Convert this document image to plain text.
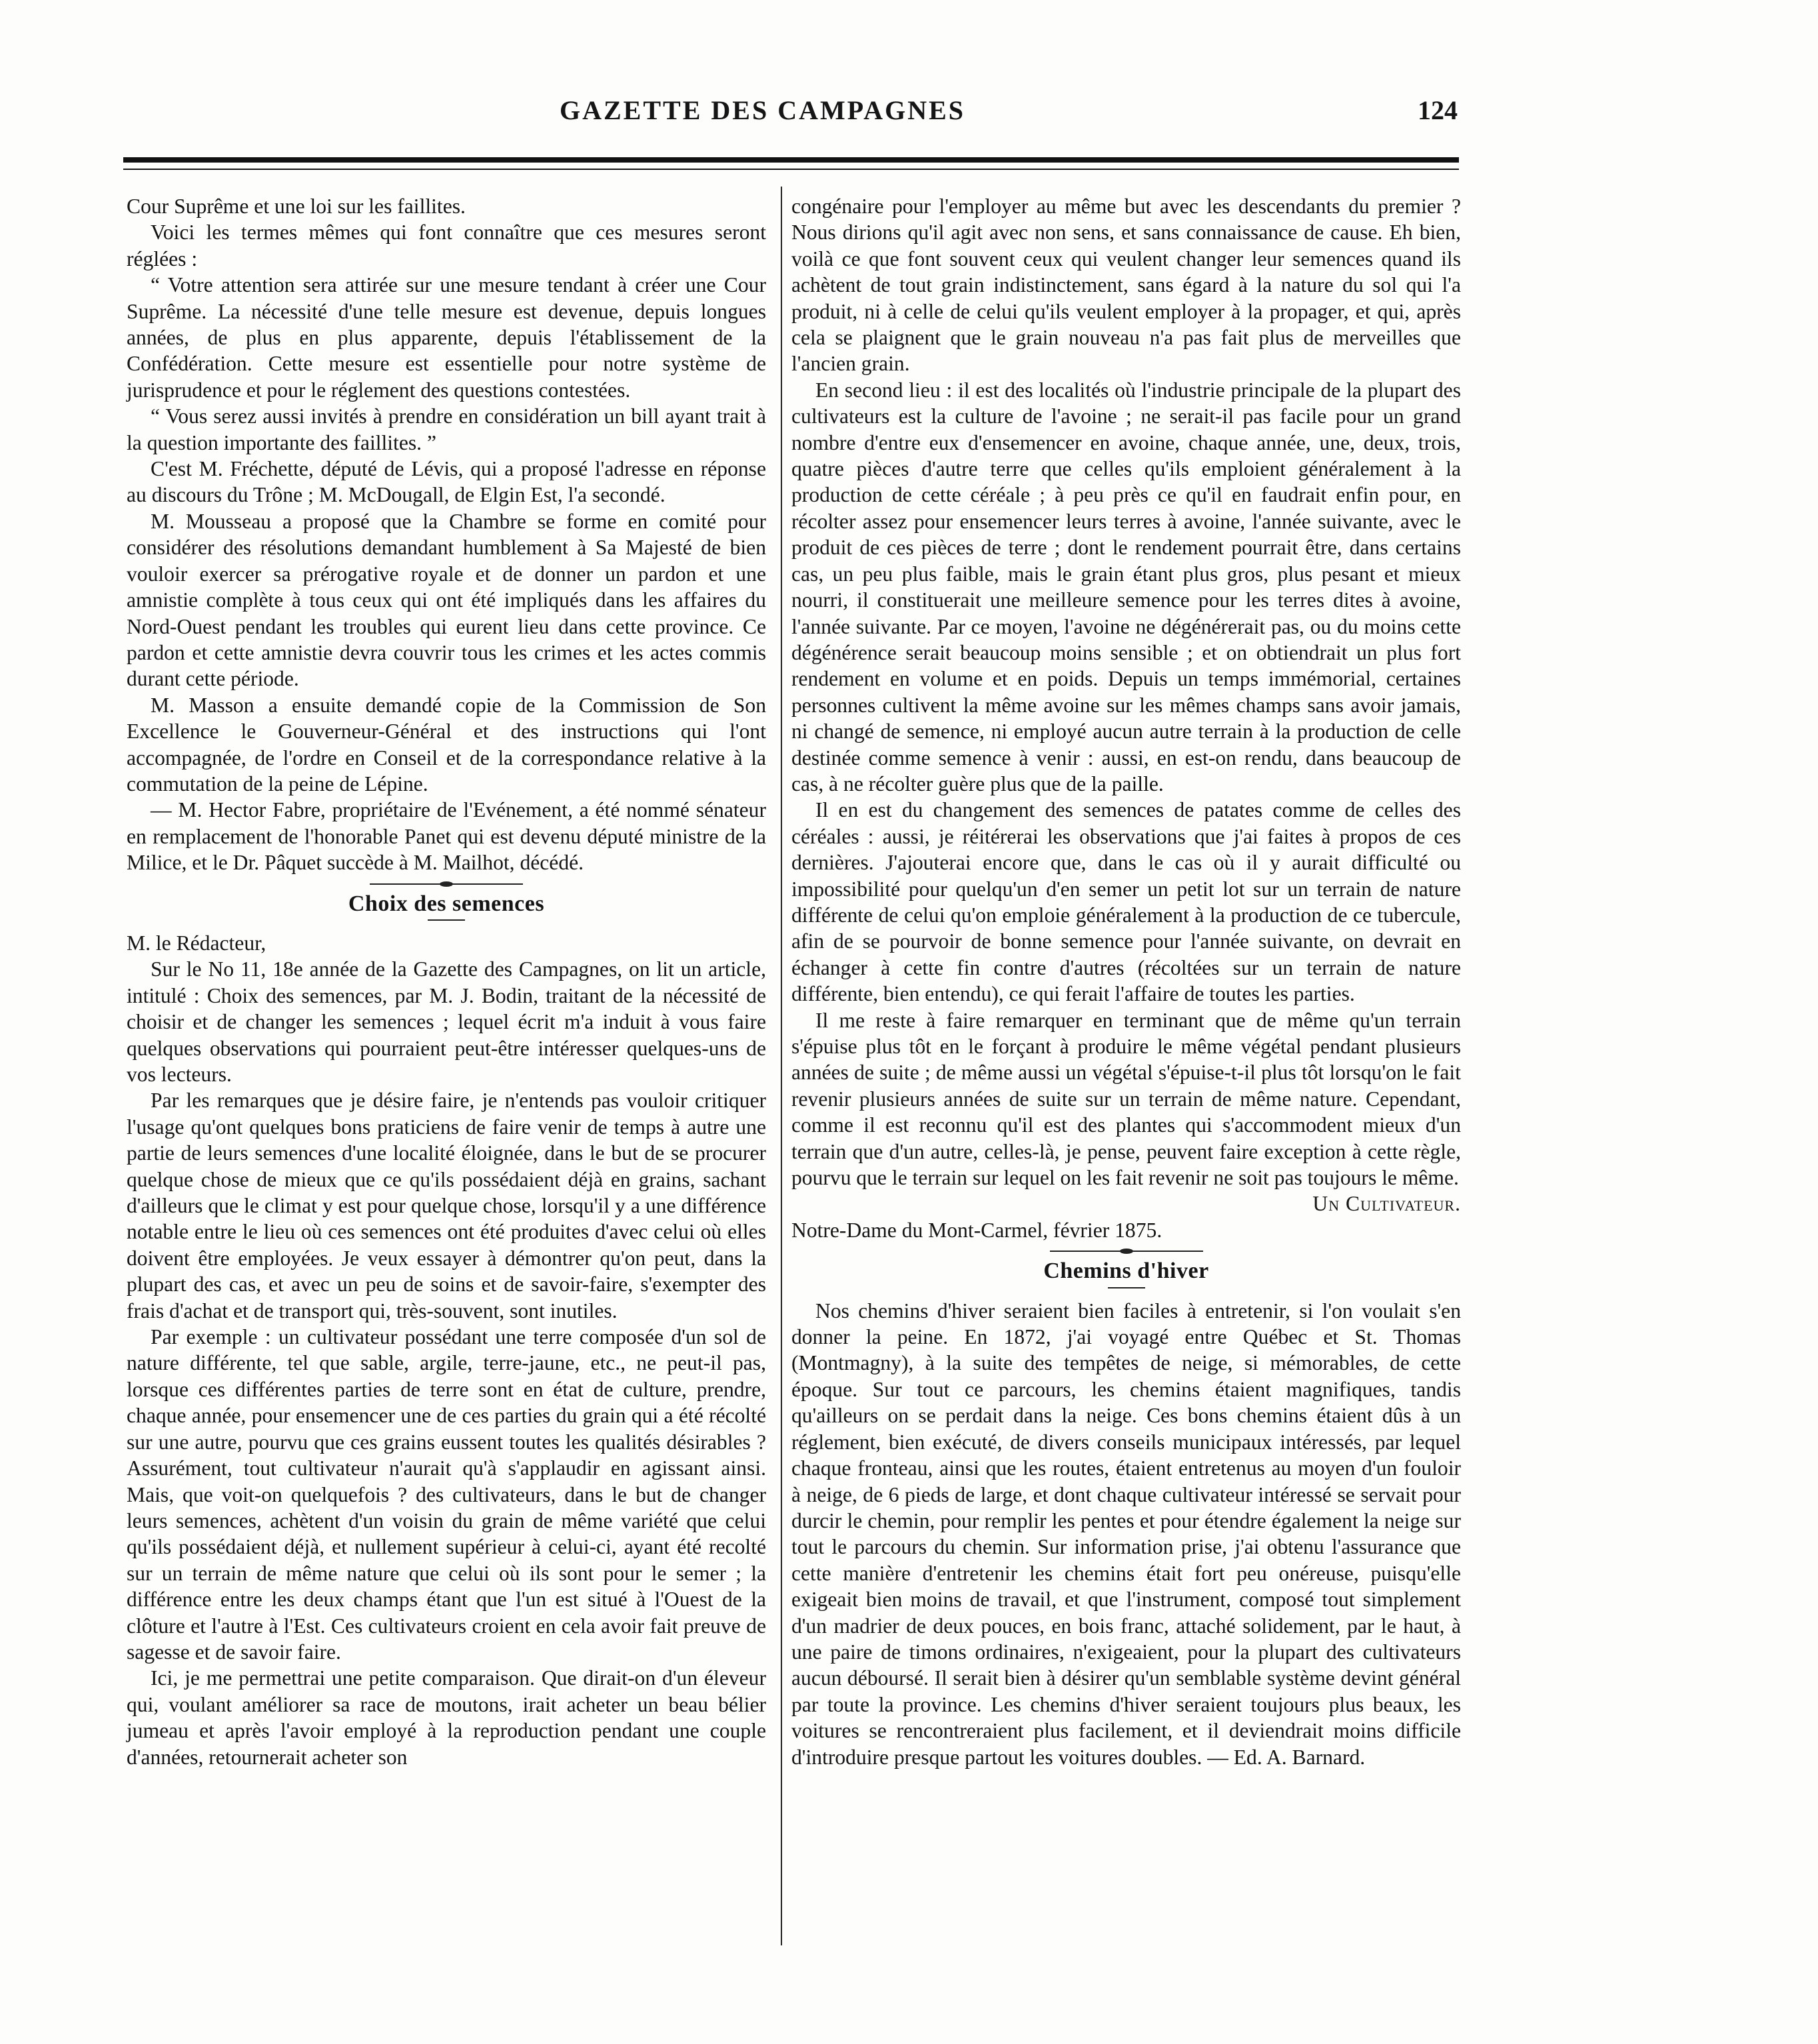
GAZETTE DES CAMPAGNES	124

Cour Suprême et une loi sur les faillites.

Voici les termes mêmes qui font connaître que ces mesures seront réglées :

“ Votre attention sera attirée sur une mesure tendant à créer une Cour Suprême. La nécessité d'une telle mesure est devenue, depuis longues années, de plus en plus apparente, depuis l'établissement de la Confédération. Cette mesure est essentielle pour notre système de jurisprudence et pour le réglement des questions contestées.

“ Vous serez aussi invités à prendre en considération un bill ayant trait à la question importante des faillites. ”

C'est M. Fréchette, député de Lévis, qui a proposé l'adresse en réponse au discours du Trône ; M. McDougall, de Elgin Est, l'a secondé.

M. Mousseau a proposé que la Chambre se forme en comité pour considérer des résolutions demandant humblement à Sa Majesté de bien vouloir exercer sa prérogative royale et de donner un pardon et une amnistie complète à tous ceux qui ont été impliqués dans les affaires du Nord-Ouest pendant les troubles qui eurent lieu dans cette province. Ce pardon et cette amnistie devra couvrir tous les crimes et les actes commis durant cette période.

M. Masson a ensuite demandé copie de la Commission de Son Excellence le Gouverneur-Général et des instructions qui l'ont accompagnée, de l'ordre en Conseil et de la correspondance relative à la commutation de la peine de Lépine.

— M. Hector Fabre, propriétaire de l'Evénement, a été nommé sénateur en remplacement de l'honorable Panet qui est devenu député ministre de la Milice, et le Dr. Pâquet succède à M. Mailhot, décédé.

Choix des semences

M. le Rédacteur,

Sur le No 11, 18e année de la Gazette des Campagnes, on lit un article, intitulé : Choix des semences, par M. J. Bodin, traitant de la nécessité de choisir et de changer les semences ; lequel écrit m'a induit à vous faire quelques observations qui pourraient peut-être intéresser quelques-uns de vos lecteurs.

Par les remarques que je désire faire, je n'entends pas vouloir critiquer l'usage qu'ont quelques bons praticiens de faire venir de temps à autre une partie de leurs semences d'une localité éloignée, dans le but de se procurer quelque chose de mieux que ce qu'ils possédaient déjà en grains, sachant d'ailleurs que le climat y est pour quelque chose, lorsqu'il y a une différence notable entre le lieu où ces semences ont été produites d'avec celui où elles doivent être employées. Je veux essayer à démontrer qu'on peut, dans la plupart des cas, et avec un peu de soins et de savoir-faire, s'exempter des frais d'achat et de transport qui, très-souvent, sont inutiles.

Par exemple : un cultivateur possédant une terre composée d'un sol de nature différente, tel que sable, argile, terre-jaune, etc., ne peut-il pas, lorsque ces différentes parties de terre sont en état de culture, prendre, chaque année, pour ensemencer une de ces parties du grain qui a été récolté sur une autre, pourvu que ces grains eussent toutes les qualités désirables ? Assurément, tout cultivateur n'aurait qu'à s'applaudir en agissant ainsi. Mais, que voit-on quelquefois ? des cultivateurs, dans le but de changer leurs semences, achètent d'un voisin du grain de même variété que celui qu'ils possédaient déjà, et nullement supérieur à celui-ci, ayant été recolté sur un terrain de même nature que celui où ils sont pour le semer ; la différence entre les deux champs étant que l'un est situé à l'Ouest de la clôture et l'autre à l'Est. Ces cultivateurs croient en cela avoir fait preuve de sagesse et de savoir faire.

Ici, je me permettrai une petite comparaison. Que dirait-on d'un éleveur qui, voulant améliorer sa race de moutons, irait acheter un beau bélier jumeau et après l'avoir employé à la reproduction pendant une couple d'années, retournerait acheter son

congénaire pour l'employer au même but avec les descendants du premier ? Nous dirions qu'il agit avec non sens, et sans connaissance de cause. Eh bien, voilà ce que font souvent ceux qui veulent changer leur semences quand ils achètent de tout grain indistinctement, sans égard à la nature du sol qui l'a produit, ni à celle de celui qu'ils veulent employer à la propager, et qui, après cela se plaignent que le grain nouveau n'a pas fait plus de merveilles que l'ancien grain.

En second lieu : il est des localités où l'industrie principale de la plupart des cultivateurs est la culture de l'avoine ; ne serait-il pas facile pour un grand nombre d'entre eux d'ensemencer en avoine, chaque année, une, deux, trois, quatre pièces d'autre terre que celles qu'ils emploient généralement à la production de cette céréale ; à peu près ce qu'il en faudrait enfin pour, en récolter assez pour ensemencer leurs terres à avoine, l'année suivante, avec le produit de ces pièces de terre ; dont le rendement pourrait être, dans certains cas, un peu plus faible, mais le grain étant plus gros, plus pesant et mieux nourri, il constituerait une meilleure semence pour les terres dites à avoine, l'année suivante. Par ce moyen, l'avoine ne dégénérerait pas, ou du moins cette dégénérence serait beaucoup moins sensible ; et on obtiendrait un plus fort rendement en volume et en poids. Depuis un temps immémorial, certaines personnes cultivent la même avoine sur les mêmes champs sans avoir jamais, ni changé de semence, ni employé aucun autre terrain à la production de celle destinée comme semence à venir : aussi, en est-on rendu, dans beaucoup de cas, à ne récolter guère plus que de la paille.

Il en est du changement des semences de patates comme de celles des céréales : aussi, je réitérerai les observations que j'ai faites à propos de ces dernières. J'ajouterai encore que, dans le cas où il y aurait difficulté ou impossibilité pour quelqu'un d'en semer un petit lot sur un terrain de nature différente de celui qu'on emploie généralement à la production de ce tubercule, afin de se pourvoir de bonne semence pour l'année suivante, on devrait en échanger à cette fin contre d'autres (récoltées sur un terrain de nature différente, bien entendu), ce qui ferait l'affaire de toutes les parties.

Il me reste à faire remarquer en terminant que de même qu'un terrain s'épuise plus tôt en le forçant à produire le même végétal pendant plusieurs années de suite ; de même aussi un végétal s'épuise-t-il plus tôt lorsqu'on le fait revenir plusieurs années de suite sur un terrain de même nature. Cependant, comme il est reconnu qu'il est des plantes qui s'accommodent mieux d'un terrain que d'un autre, celles-là, je pense, peuvent faire exception à cette règle, pourvu que le terrain sur lequel on les fait revenir ne soit pas toujours le même.

Un Cultivateur.

Notre-Dame du Mont-Carmel, février 1875.

Chemins d'hiver

Nos chemins d'hiver seraient bien faciles à entretenir, si l'on voulait s'en donner la peine. En 1872, j'ai voyagé entre Québec et St. Thomas (Montmagny), à la suite des tempêtes de neige, si mémorables, de cette époque. Sur tout ce parcours, les chemins étaient magnifiques, tandis qu'ailleurs on se perdait dans la neige. Ces bons chemins étaient dûs à un réglement, bien exécuté, de divers conseils municipaux intéressés, par lequel chaque fronteau, ainsi que les routes, étaient entretenus au moyen d'un fouloir à neige, de 6 pieds de large, et dont chaque cultivateur intéressé se servait pour durcir le chemin, pour remplir les pentes et pour étendre également la neige sur tout le parcours du chemin. Sur information prise, j'ai obtenu l'assurance que cette manière d'entretenir les chemins était fort peu onéreuse, puisqu'elle exigeait bien moins de travail, et que l'instrument, composé tout simplement d'un madrier de deux pouces, en bois franc, attaché solidement, par le haut, à une paire de timons ordinaires, n'exigeaient, pour la plupart des cultivateurs aucun déboursé. Il serait bien à désirer qu'un semblable système devint général par toute la province. Les chemins d'hiver seraient toujours plus beaux, les voitures se rencontreraient plus facilement, et il deviendrait moins difficile d'introduire presque partout les voitures doubles. — Ed. A. Barnard.
